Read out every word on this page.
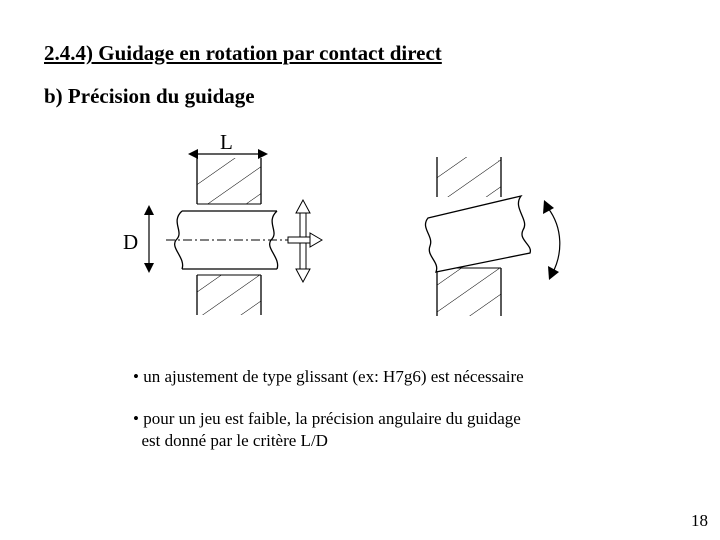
2.4.4) Guidage en rotation par contact direct
b) Précision du guidage
L
D
• un ajustement de type glissant (ex: H7g6) est nécessaire
• pour un jeu est faible, la précision angulaire du guidage
est donné par le critère L/D
18
